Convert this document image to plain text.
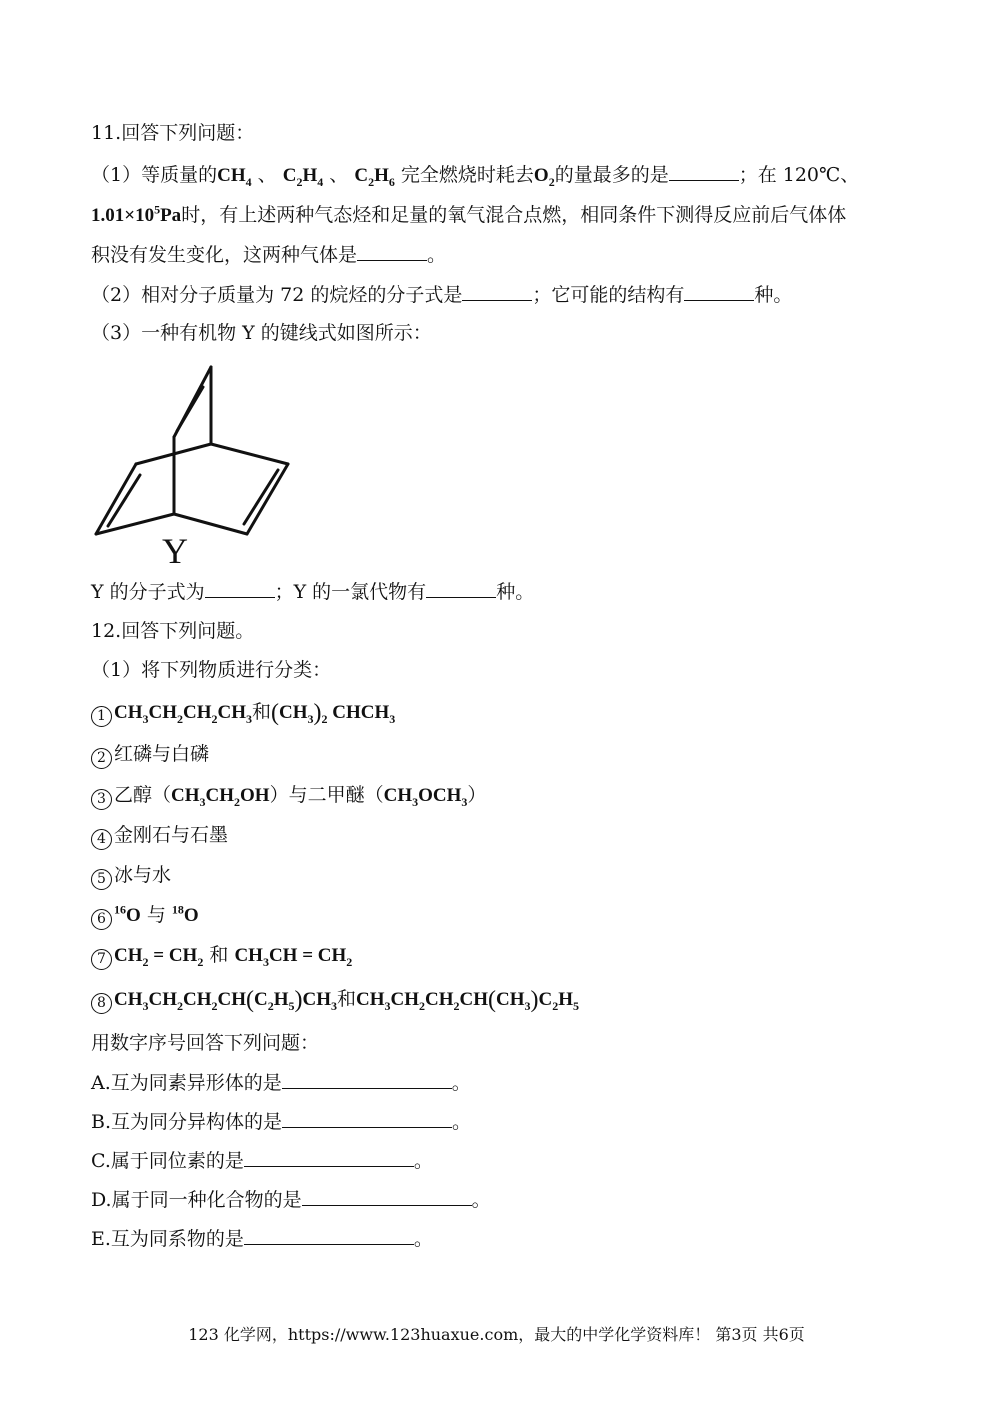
11.回答下列问题：
（1）等质量的$CH_4$ 、 $C_2H_4$ 、 $C_2H_6$ 完全燃烧时耗去$O_2$的量最多的是	；在 120℃、
$1.01\times 10^5Pa$时，有上述两种气态烃和足量的氧气混合点燃，相同条件下测得反应前后气体体
积没有发生变化，这两种气体是	。
（2）相对分子质量为 72 的烷烃的分子式是	；它可能的结构有	种。
（3）一种有机物 Y 的键线式如图所示：
Y
Y 的分子式为	；Y 的一氯代物有	种。
12.回答下列问题。
（1）将下列物质进行分类：
1 $CH_3CH_2CH_2CH_3$和$(CH_3)_2$ $CHCH_3$
2 红磷与白磷
3 乙醇$(CH_3CH_2OH)$与二甲醚$(CH_3OCH_3)$
4 金刚石与石墨
5 冰与水
$6^{16}O$ 与 $^{18}$O
7 $CH_2 = CH_2$ 和 $CH_3CH = CH_2$
8 $CH_3CH_2CH_2CH(C_2H_5)CH_3$和$CH_3CH_2CH_2CH(CH_3)C_2H_5$
用数字序号回答下列问题：
A.互为同素异形体的是	。
B.互为同分异构体的是	。
C.属于同位素的是	。
D.属于同一种化合物的是	。
E.互为同系物的是	。
123 化学网，https://www.123huaxue.com，最大的中学化学资料库！ 第3页 共6页
